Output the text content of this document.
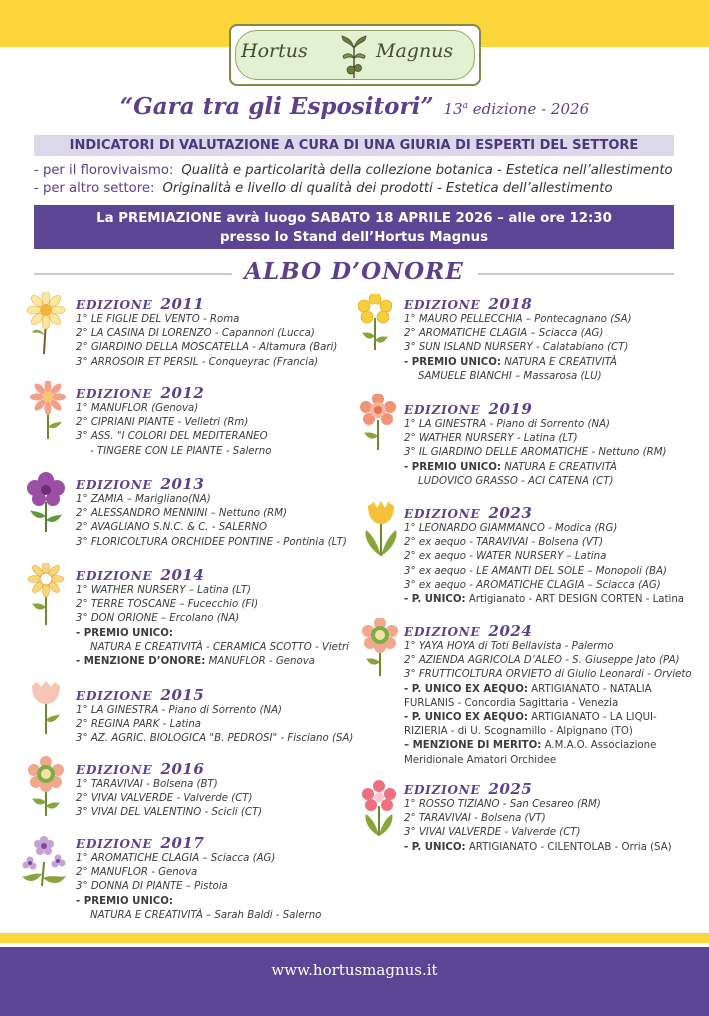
Hortus	Magnus
“Gara tra gli Espositori” 13$^a$ edizione - 2026
INDICATORI DI VALUTAZIONE A CURA DI UNA GIURIA DI ESPERTI DEL SETTORE
- per il florovivaismo: Qualità e particolarità della collezione botanica - Estetica nell’allestimento
- per altro settore: Originalità e livello di qualità dei prodotti - Estetica dell’allestimento
La PREMIAZIONE avrà luogo SABATO 18 APRILE 2026 – alle ore 12:30
presso lo Stand dell’Hortus Magnus
ALBO D’ONORE
EDIZIONE 2011
1° LE FIGLIE DEL VENTO - Roma
2° LA CASINA DI LORENZO - Capannori (Lucca)
2° GIARDINO DELLA MOSCATELLA - Altamura (Bari)
3° ARROSOIR ET PERSIL - Conqueyrac (Francia)
EDIZIONE 2012
1° MANUFLOR (Genova)
2° CIPRIANI PIANTE - Velletri (Rm)
3° ASS. "I COLORI DEL MEDITERANEO
- TINGERE CON LE PIANTE - Salerno
EDIZIONE 2013
1° ZAMIA – Marigliano(NA)
2° ALESSANDRO MENNINI – Nettuno (RM)
2° AVAGLIANO S.N.C. & C. - SALERNO
3° FLORICOLTURA ORCHIDEE PONTINE - Pontinia (LT)
EDIZIONE 2014
1° WATHER NURSERY – Latina (LT)
2° TERRE TOSCANE – Fucecchio (FI)
3° DON ORIONE – Ercolano (NA)
- PREMIO UNICO:
NATURA E CREATIVITÀ - CERAMICA SCOTTO - Vietri
- MENZIONE D’ONORE: MANUFLOR - Genova
EDIZIONE 2015
1° LA GINESTRA - Piano di Sorrento (NA)
2° REGINA PARK - Latina
3° AZ. AGRIC. BIOLOGICA "B. PEDROSI" - Fisciano (SA)
EDIZIONE 2016
1° TARAVIVAI - Bolsena (BT)
2° VIVAI VALVERDE - Valverde (CT)
3° VIVAI DEL VALENTINO - Scicli (CT)
EDIZIONE 2017
1° AROMATICHE CLAGIA – Sciacca (AG)
2° MANUFLOR - Genova
3° DONNA DI PIANTE – Pistoia
- PREMIO UNICO:
NATURA E CREATIVITÀ – Sarah Baldi - Salerno
EDIZIONE 2018
1° MAURO PELLECCHIA – Pontecagnano (SA)
2° AROMATICHE CLAGIA – Sciacca (AG)
3° SUN ISLAND NURSERY - Calatabiano (CT)
- PREMIO UNICO: NATURA E CREATIVITÀ
SAMUELE BIANCHI – Massarosa (LU)
EDIZIONE 2019
1° LA GINESTRA - Piano di Sorrento (NA)
2° WATHER NURSERY - Latina (LT)
3° IL GIARDINO DELLE AROMATICHE - Nettuno (RM)
- PREMIO UNICO: NATURA E CREATIVITÀ
LUDOVICO GRASSO - ACI CATENA (CT)
EDIZIONE 2023
1° LEONARDO GIAMMANCO - Modica (RG)
2° ex aequo - TARAVIVAI - Bolsena (VT)
2° ex aequo - WATER NURSERY – Latina
3° ex aequo - LE AMANTI DEL SOLE – Monopoli (BA)
3° ex aequo - AROMATICHE CLAGIA – Sciacca (AG)
- P. UNICO: Artigianato - ART DESIGN CORTEN - Latina
EDIZIONE 2024
1° YAYA HOYA di Toti Bellavista - Palermo
2° AZIENDA AGRICOLA D’ALEO - S. Giuseppe Jato (PA)
3° FRUTTICOLTURA ORVIETO di Giulio Leonardi - Orvieto
- P. UNICO EX AEQUO: ARTIGIANATO - NATALIA
FURLANIS - Concordia Sagittaria - Venezia
- P. UNICO EX AEQUO: ARTIGIANATO - LA LIQUI-
RIZIERIA - di U. Scognamillo - Alpignano (TO)
– MENZIONE DI MERITO: A.M.A.O. Associazione
Meridionale Amatori Orchidee
EDIZIONE 2025
1° ROSSO TIZIANO - San Cesareo (RM)
2° TARAVIVAI - Bolsena (VT)
3° VIVAI VALVERDE - Valverde (CT)
- P. UNICO: ARTIGIANATO - CILENTOLAB - Orria (SA)
www.hortusmagnus.it
